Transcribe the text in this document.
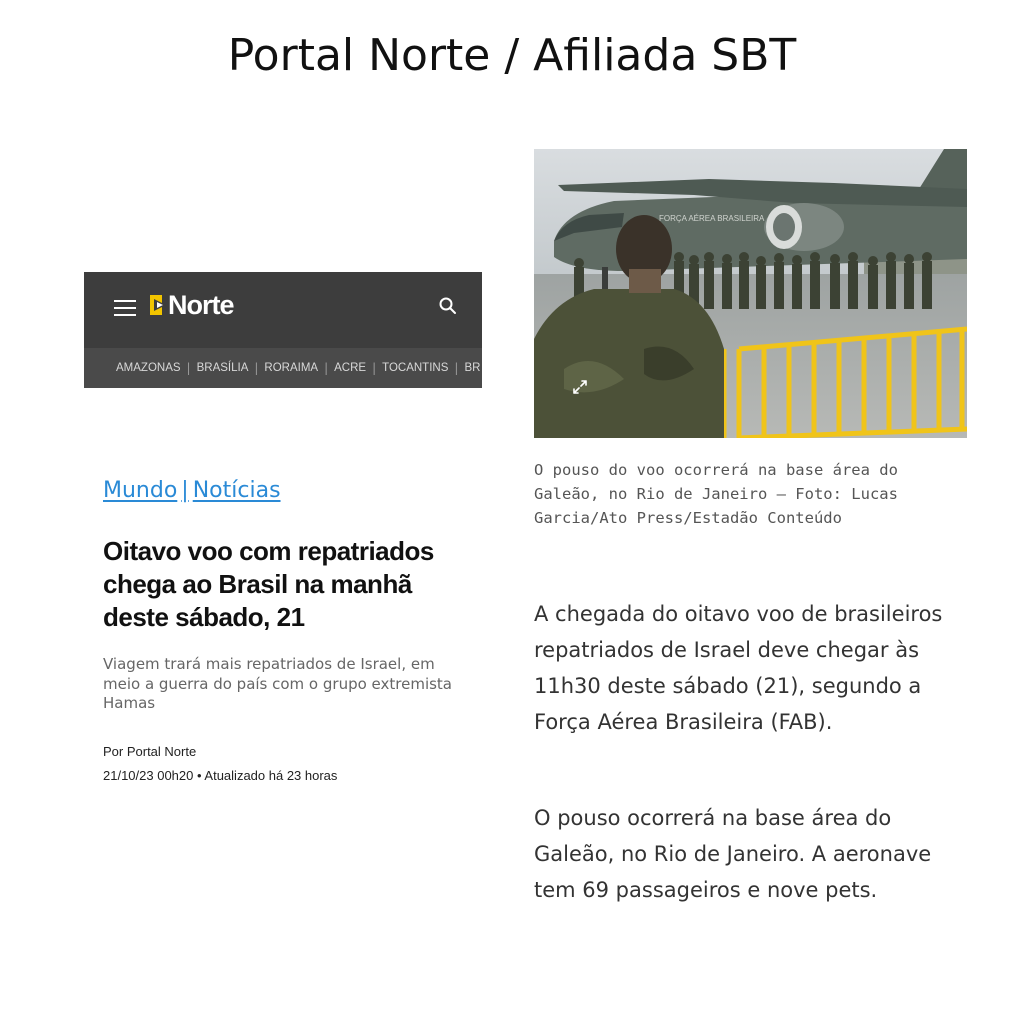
Portal Norte / Afiliada SBT
Norte
AMAZONAS | BRASÍLIA | RORAIMA | ACRE | TOCANTINS | BR
Mundo | Notícias
Oitavo voo com repatriados chega ao Brasil na manhã deste sábado, 21
Viagem trará mais repatriados de Israel, em meio a guerra do país com o grupo extremista Hamas
Por Portal Norte
21/10/23 00h20 • Atualizado há 23 horas
FORÇA AÉREA BRASILEIRA
O pouso do voo ocorrerá na base área do Galeão, no Rio de Janeiro – Foto: Lucas Garcia/Ato Press/Estadão Conteúdo
A chegada do oitavo voo de brasileiros repatriados de Israel deve chegar às 11h30 deste sábado (21), segundo a Força Aérea Brasileira (FAB).
O pouso ocorrerá na base área do Galeão, no Rio de Janeiro. A aeronave tem 69 passageiros e nove pets.
